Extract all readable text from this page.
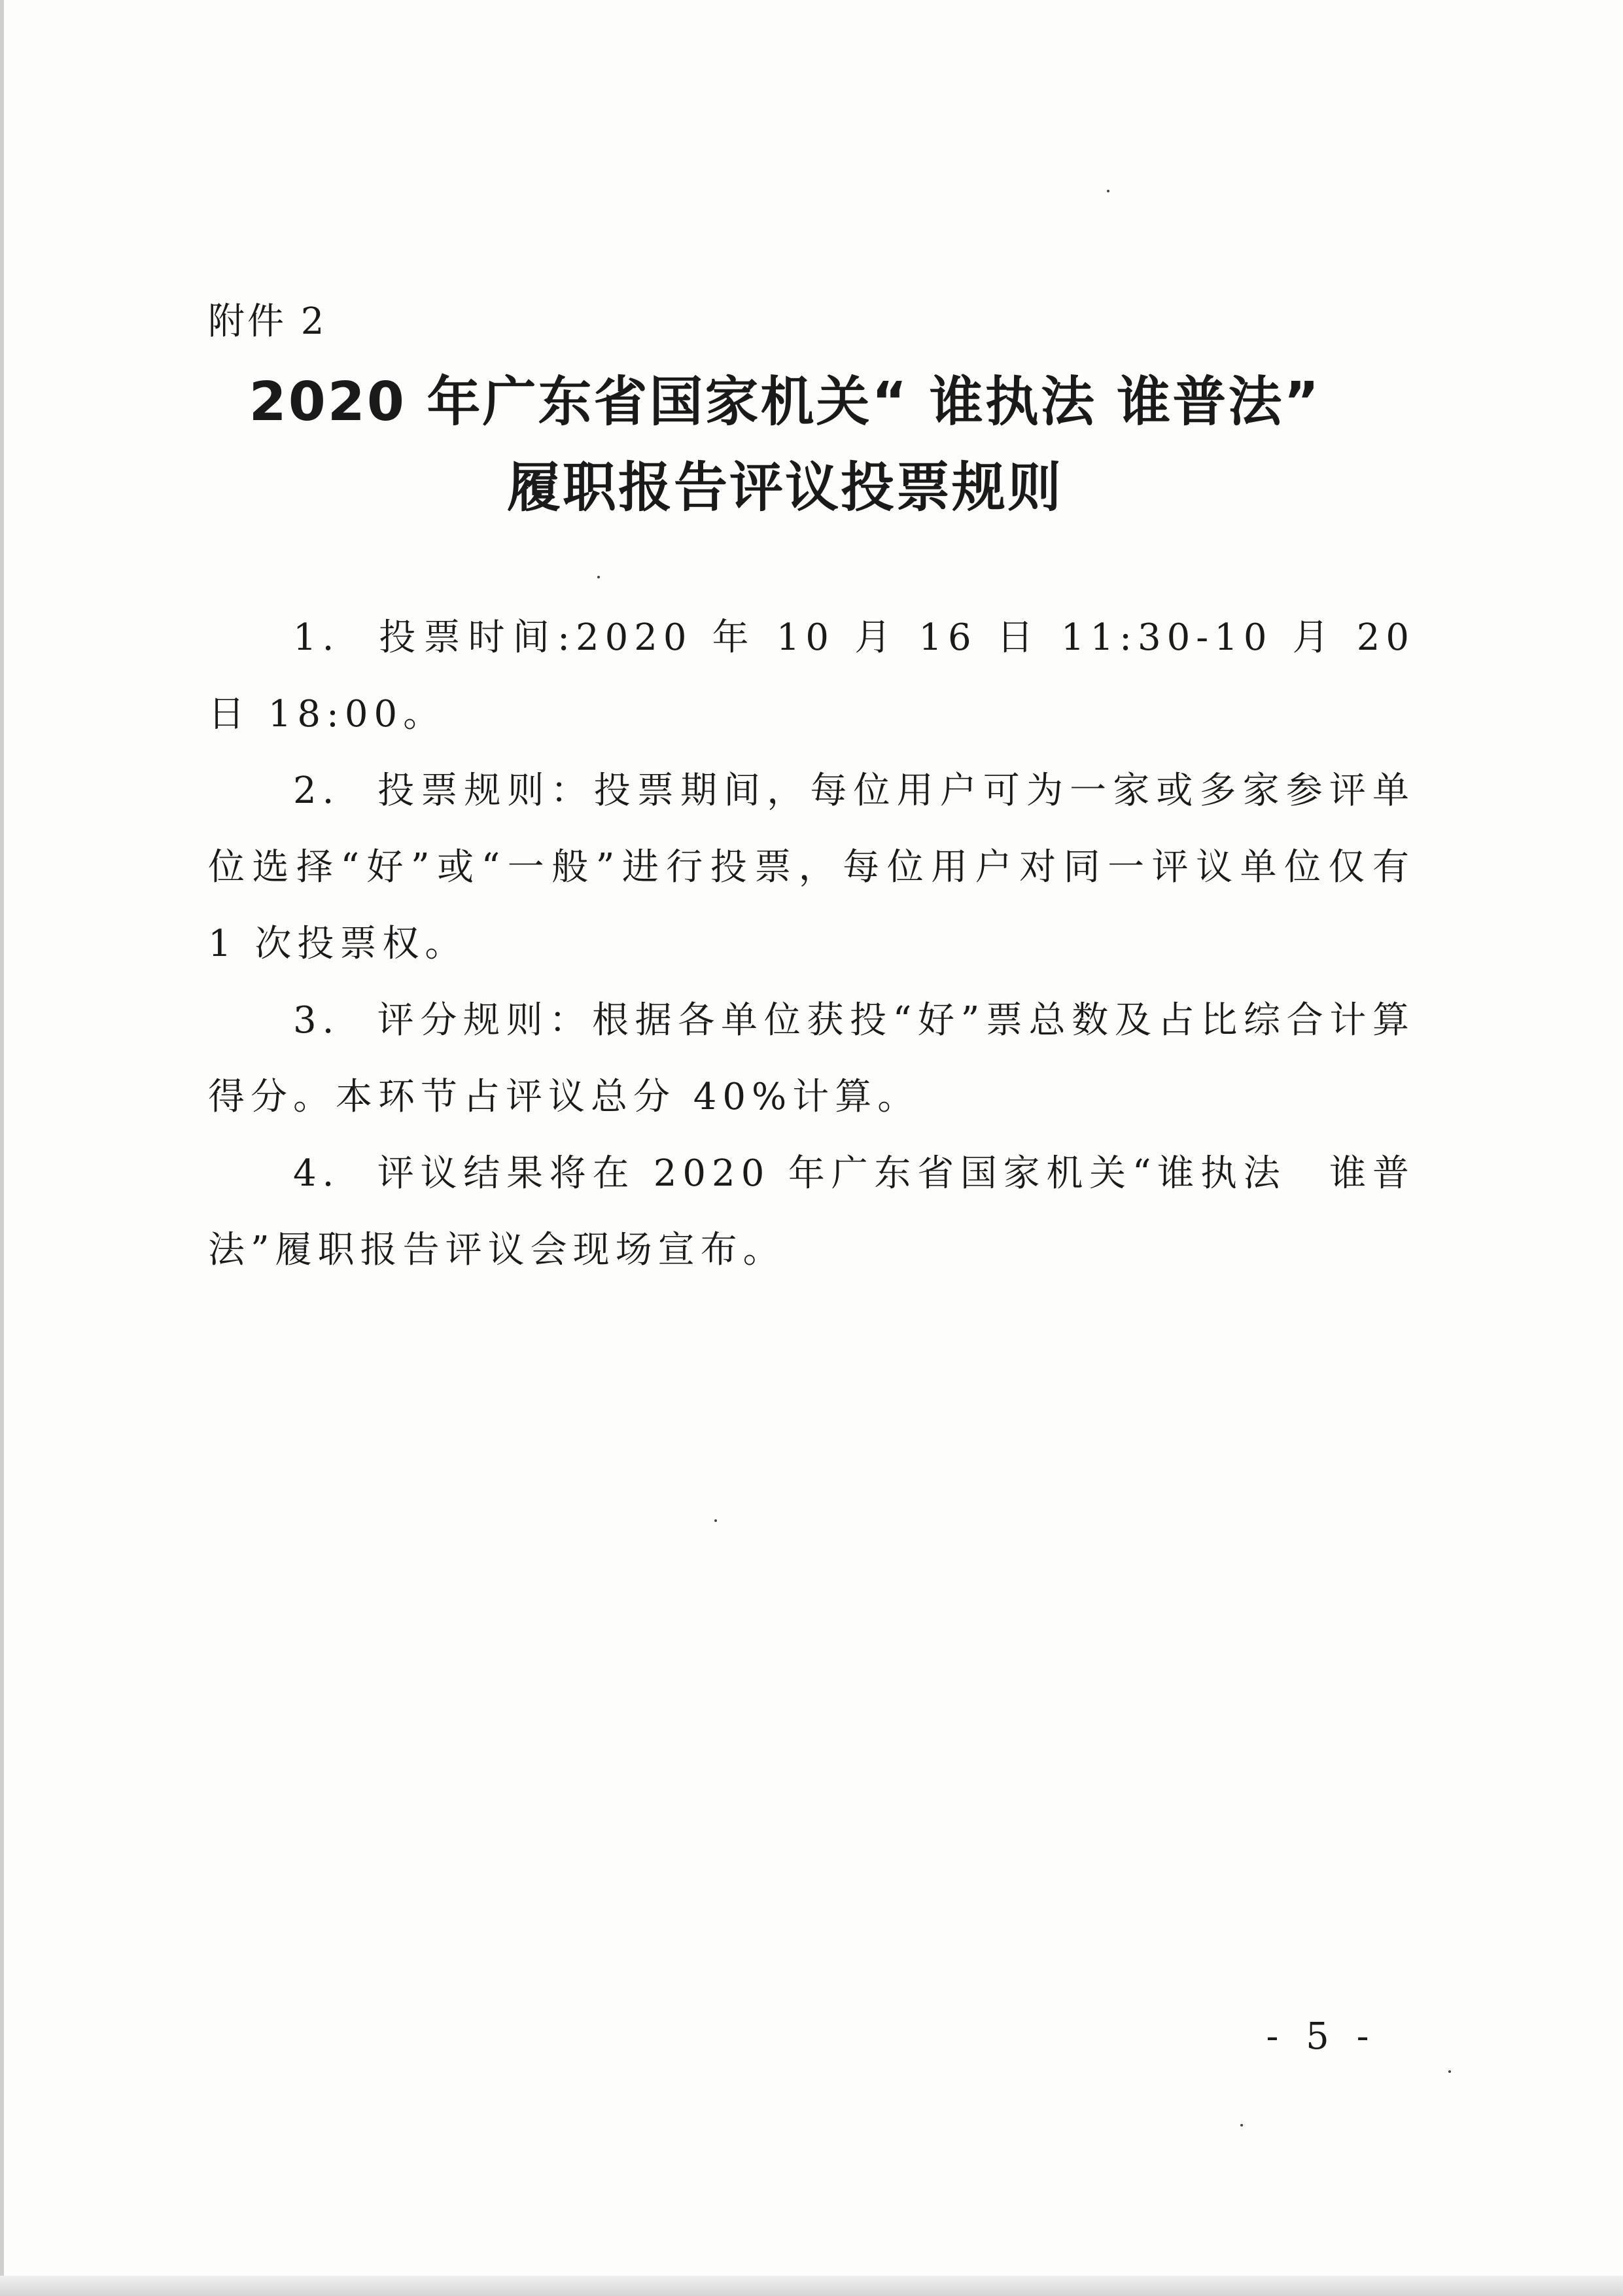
附件 2
2020 年广东省国家机关“ 谁执法 谁普法”
履职报告评议投票规则

1. 投票时间:2020 年 10 月 16 日 11:30-10 月 20 日 18:00。

2. 投票规则：投票期间，每位用户可为一家或多家参评单位选择“好”或“一般”进行投票，每位用户对同一评议单位仅有 1 次投票权。

3. 评分规则：根据各单位获投“好”票总数及占比综合计算得分。本环节占评议总分 40%计算。

4. 评议结果将在 2020 年广东省国家机关“谁执法　谁普法”履职报告评议会现场宣布。

- 5 -
